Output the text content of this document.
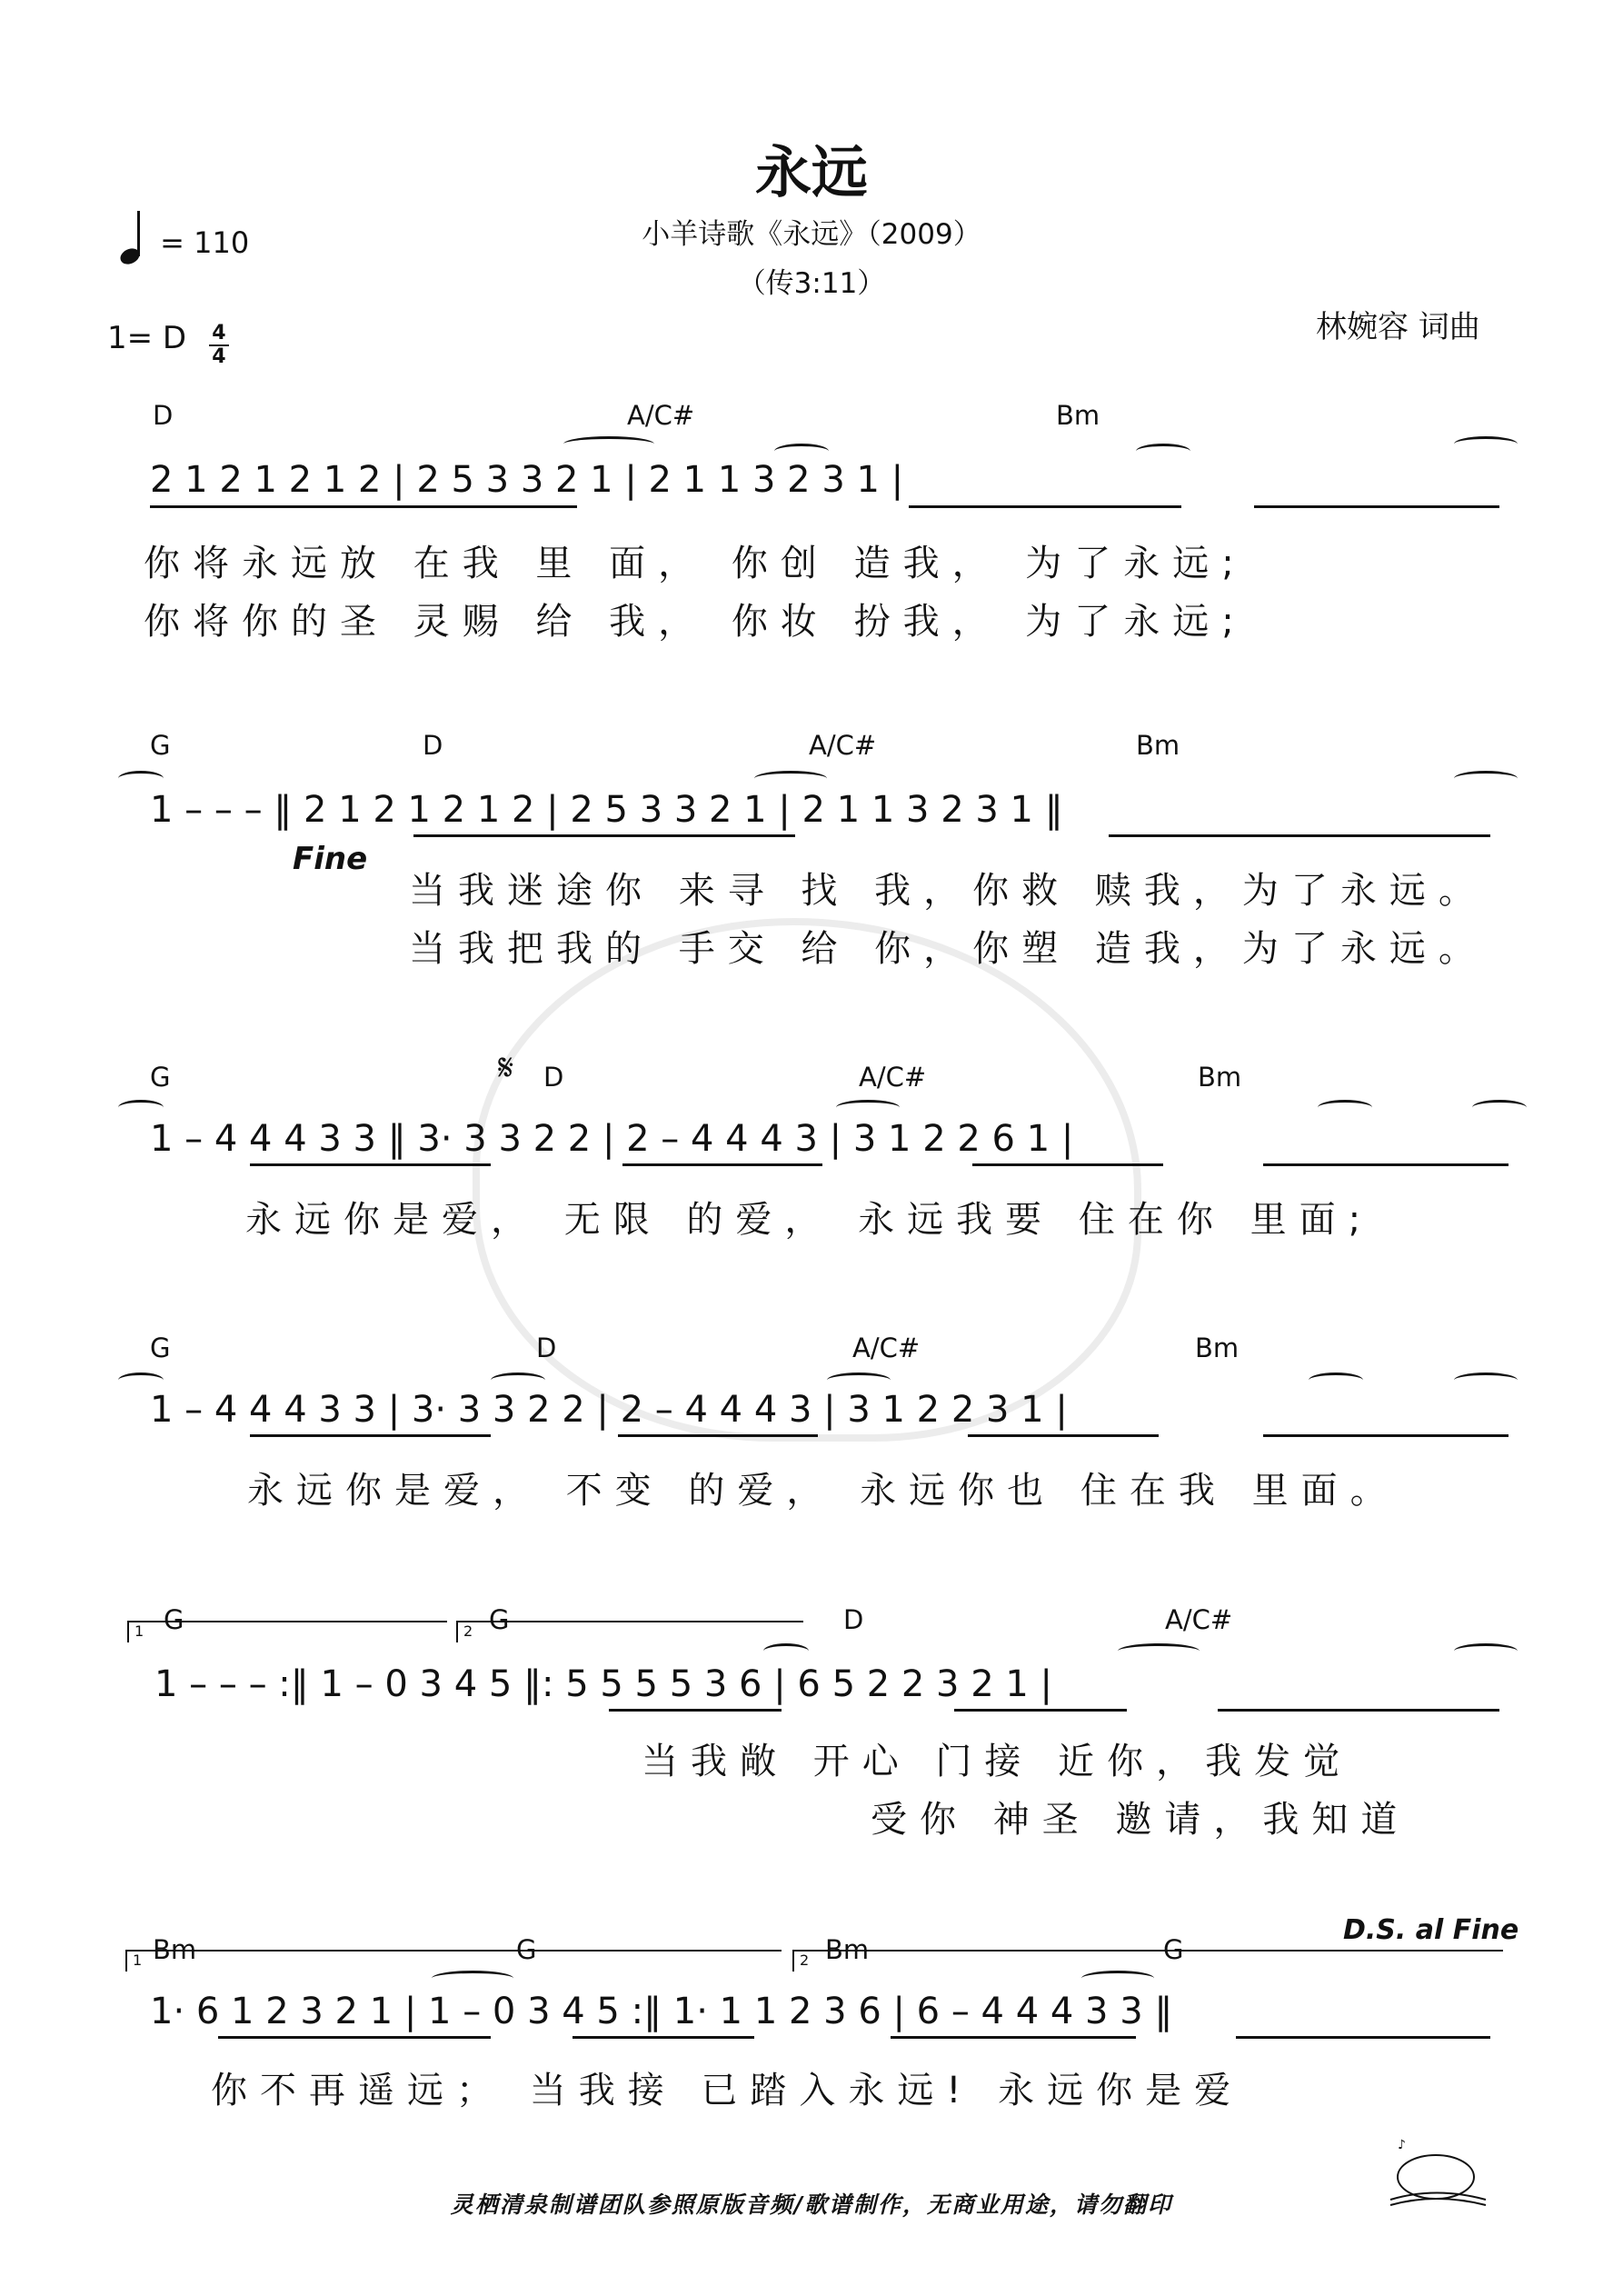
永远
小羊诗歌《永远》（2009）
（传3:11）
= 110
1= D $\frac{4}{4}$	林婉容 词曲
D	A/C#	Bm
2 1 2 1 2 1 2 | 2 5 3 3 2 1 | 2 1 1 3 2 3 1 |
你将永远放 在我 里 面， 你创 造我， 为了永远;
你将你的圣 灵赐 给 我， 你妆 扮我， 为了永远;
G	D	A/C#	Bm
1 – – – ‖ 2 1 2 1 2 1 2 | 2 5 3 3 2 1 | 2 1 1 3 2 3 1 ‖
Fine
当我迷途你 来寻 找 我，你救 赎我，为了永远。
当我把我的 手交 给 你，你塑 造我，为了永远。
G	𝄋 D	A/C#	Bm
1 – 4 4 4 3 3 ‖ 3· 3 3 2 2 | 2 – 4 4 4 3 | 3 1 2 2 6 1 |
永远你是爱， 无限 的爱， 永远我要 住在你 里面;
G	D	A/C#	Bm
1 – 4 4 4 3 3 | 3· 3 3 2 2 | 2 – 4 4 4 3 | 3 1 2 2 3 1 |
永远你是爱， 不变 的爱， 永远你也 住在我 里面。
1	2
G	G	D	A/C#
1 – – – :‖ 1 – 0 3 4 5 ‖: 5 5 5 5 3 6 | 6 5 2 2 3 2 1 |
当我敞 开心 门接 近你，我发觉
受你 神圣 邀请，我知道
1	2
Bm	G	Bm	G
D.S. al Fine
1· 6 1 2 3 2 1 | 1 – 0 3 4 5 :‖ 1· 1 1 2 3 6 | 6 – 4 4 4 3 3 ‖
你不再遥远； 当我接 已踏入永远! 永远你是爱
♪
灵栖清泉制谱团队参照原版音频/歌谱制作，无商业用途，请勿翻印
